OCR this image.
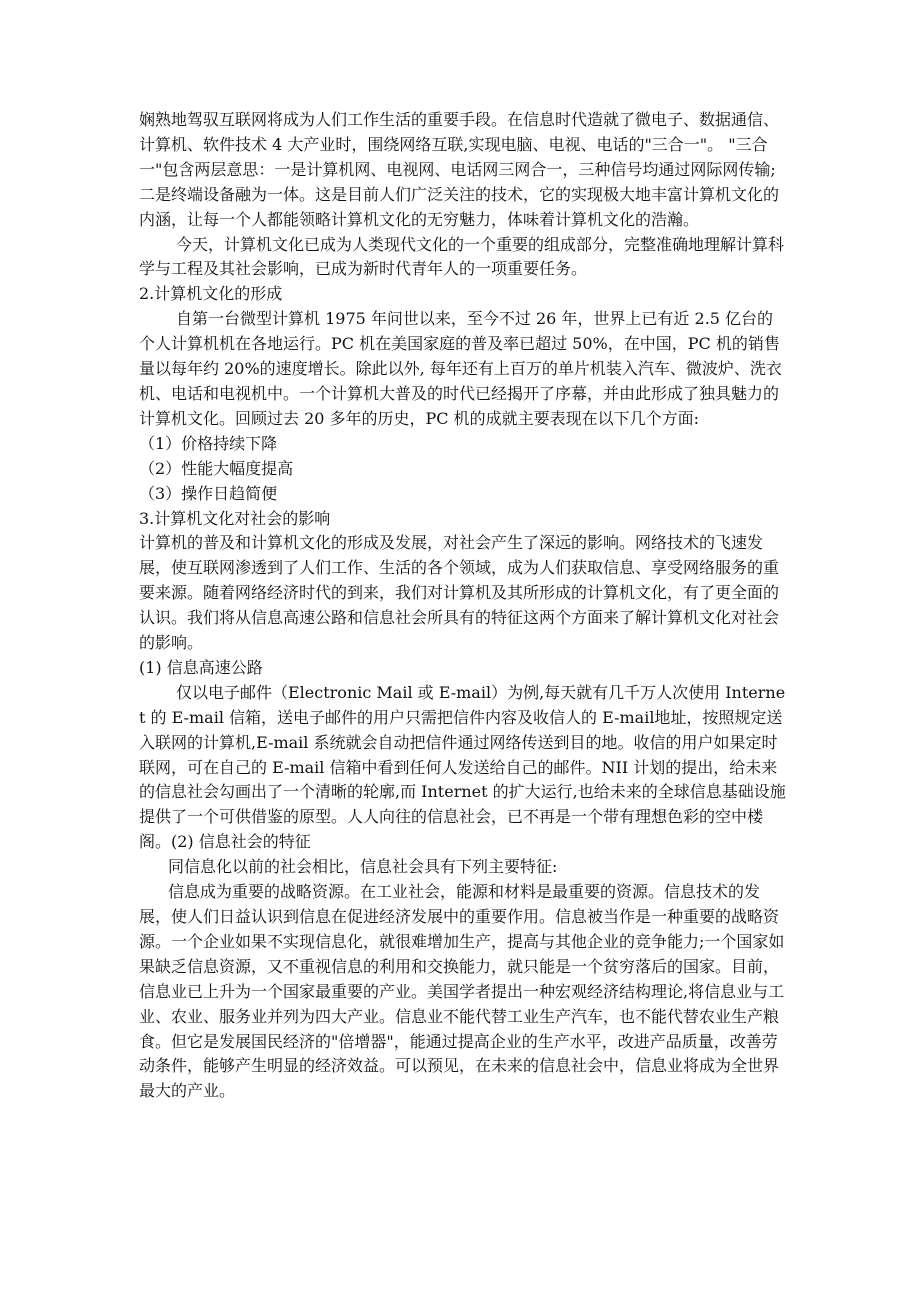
娴熟地驾驭互联网将成为人们工作生活的重要手段。在信息时代造就了微电子、数据通信、计算机、软件技术 4 大产业时，围绕网络互联,实现电脑、电视、电话的"三合一"。 "三合一"包含两层意思：一是计算机网、电视网、电话网三网合一，三种信号均通过网际网传输; 二是终端设备融为一体。这是目前人们广泛关注的技术，它的实现极大地丰富计算机文化的内涵，让每一个人都能领略计算机文化的无穷魅力，体味着计算机文化的浩瀚。

今天，计算机文化已成为人类现代文化的一个重要的组成部分，完整准确地理解计算科学与工程及其社会影响，已成为新时代青年人的一项重要任务。

2.计算机文化的形成

自第一台微型计算机 1975 年问世以来，至今不过 26 年，世界上已有近 2.5 亿台的个人计算机机在各地运行。PC 机在美国家庭的普及率已超过 50%，在中国，PC 机的销售量以每年约 20%的速度增长。除此以外, 每年还有上百万的单片机装入汽车、微波炉、洗衣机、电话和电视机中。一个计算机大普及的时代已经揭开了序幕，并由此形成了独具魅力的计算机文化。回顾过去 20 多年的历史，PC 机的成就主要表现在以下几个方面:

（1）价格持续下降

（2）性能大幅度提高

（3）操作日趋简便

3.计算机文化对社会的影响

计算机的普及和计算机文化的形成及发展，对社会产生了深远的影响。网络技术的飞速发展，使互联网渗透到了人们工作、生活的各个领域，成为人们获取信息、享受网络服务的重要来源。随着网络经济时代的到来，我们对计算机及其所形成的计算机文化，有了更全面的认识。我们将从信息高速公路和信息社会所具有的特征这两个方面来了解计算机文化对社会的影响。

(1) 信息高速公路

仅以电子邮件（Electronic Mail 或 E-mail）为例,每天就有几千万人次使用 Internet 的 E-mail 信箱，送电子邮件的用户只需把信件内容及收信人的 E-mail地址，按照规定送入联网的计算机,E-mail 系统就会自动把信件通过网络传送到目的地。收信的用户如果定时联网，可在自己的 E-mail 信箱中看到任何人发送给自己的邮件。NII 计划的提出，给未来的信息社会勾画出了一个清晰的轮廓,而 Internet 的扩大运行,也给未来的全球信息基础设施提供了一个可供借鉴的原型。人人向往的信息社会，已不再是一个带有理想色彩的空中楼阁。(2) 信息社会的特征

同信息化以前的社会相比，信息社会具有下列主要特征:

信息成为重要的战略资源。在工业社会，能源和材料是最重要的资源。信息技术的发展，使人们日益认识到信息在促进经济发展中的重要作用。信息被当作是一种重要的战略资源。一个企业如果不实现信息化，就很难增加生产，提高与其他企业的竞争能力;一个国家如果缺乏信息资源，又不重视信息的利用和交换能力，就只能是一个贫穷落后的国家。目前，信息业已上升为一个国家最重要的产业。美国学者提出一种宏观经济结构理论,将信息业与工业、农业、服务业并列为四大产业。信息业不能代替工业生产汽车，也不能代替农业生产粮食。但它是发展国民经济的"倍增器"，能通过提高企业的生产水平，改进产品质量，改善劳动条件，能够产生明显的经济效益。可以预见，在未来的信息社会中，信息业将成为全世界最大的产业。
